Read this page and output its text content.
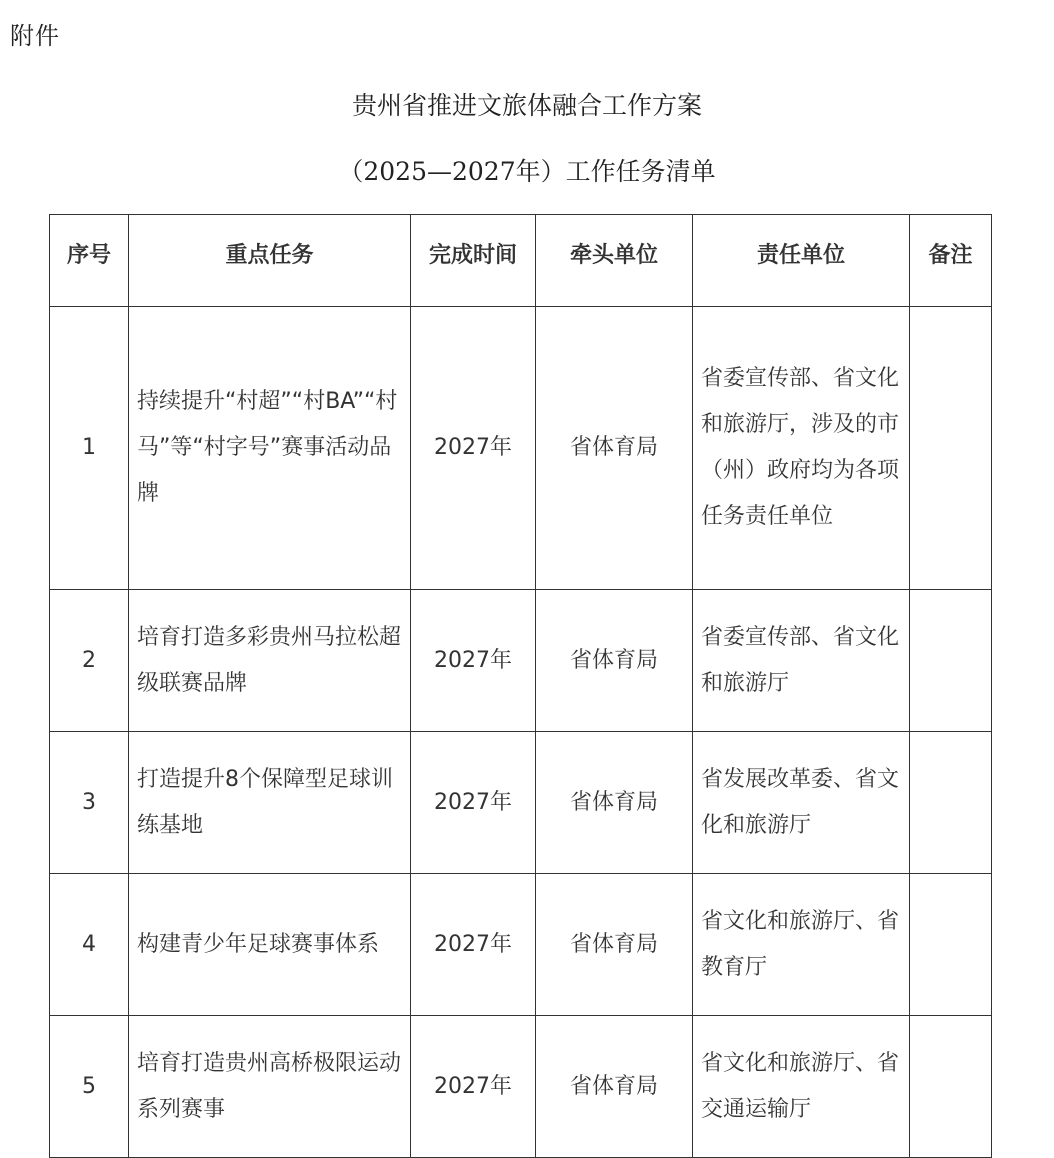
附件
贵州省推进文旅体融合工作方案
（2025—2027年）工作任务清单
序号	重点任务	完成时间	牵头单位	责任单位	备注
1	持续提升“村超”“村BA”“村马”等“村字号”赛事活动品牌	2027年	省体育局	省委宣传部、省文化和旅游厅，涉及的市（州）政府均为各项任务责任单位	
2	培育打造多彩贵州马拉松超级联赛品牌	2027年	省体育局	省委宣传部、省文化和旅游厅	
3	打造提升8个保障型足球训练基地	2027年	省体育局	省发展改革委、省文化和旅游厅	
4	构建青少年足球赛事体系	2027年	省体育局	省文化和旅游厅、省教育厅	
5	培育打造贵州高桥极限运动系列赛事	2027年	省体育局	省文化和旅游厅、省交通运输厅	
